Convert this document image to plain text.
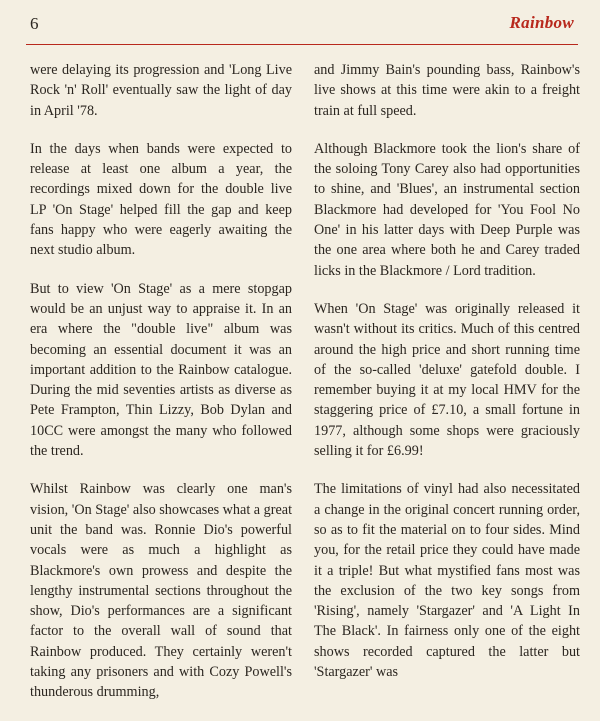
6	Rainbow

were delaying its progression and 'Long Live Rock 'n' Roll' eventually saw the light of day in April '78.

In the days when bands were expected to release at least one album a year, the recordings mixed down for the double live LP 'On Stage' helped fill the gap and keep fans happy who were eagerly awaiting the next studio album.

But to view 'On Stage' as a mere stopgap would be an unjust way to appraise it. In an era where the "double live" album was becoming an essential document it was an important addition to the Rainbow catalogue. During the mid seventies artists as diverse as Pete Frampton, Thin Lizzy, Bob Dylan and 10CC were amongst the many who followed the trend.

Whilst Rainbow was clearly one man's vision, 'On Stage' also showcases what a great unit the band was. Ronnie Dio's powerful vocals were as much a highlight as Blackmore's own prowess and despite the lengthy instrumental sections throughout the show, Dio's performances are a significant factor to the overall wall of sound that Rainbow produced. They certainly weren't taking any prisoners and with Cozy Powell's thunderous drumming,

and Jimmy Bain's pounding bass, Rainbow's live shows at this time were akin to a freight train at full speed.

Although Blackmore took the lion's share of the soloing Tony Carey also had opportunities to shine, and 'Blues', an instrumental section Blackmore had developed for 'You Fool No One' in his latter days with Deep Purple was the one area where both he and Carey traded licks in the Blackmore / Lord tradition.

When 'On Stage' was originally released it wasn't without its critics. Much of this centred around the high price and short running time of the so-called 'deluxe' gatefold double. I remember buying it at my local HMV for the staggering price of £7.10, a small fortune in 1977, although some shops were graciously selling it for £6.99!

The limitations of vinyl had also necessitated a change in the original concert running order, so as to fit the material on to four sides. Mind you, for the retail price they could have made it a triple! But what mystified fans most was the exclusion of the two key songs from 'Rising', namely 'Stargazer' and 'A Light In The Black'. In fairness only one of the eight shows recorded captured the latter but 'Stargazer' was
